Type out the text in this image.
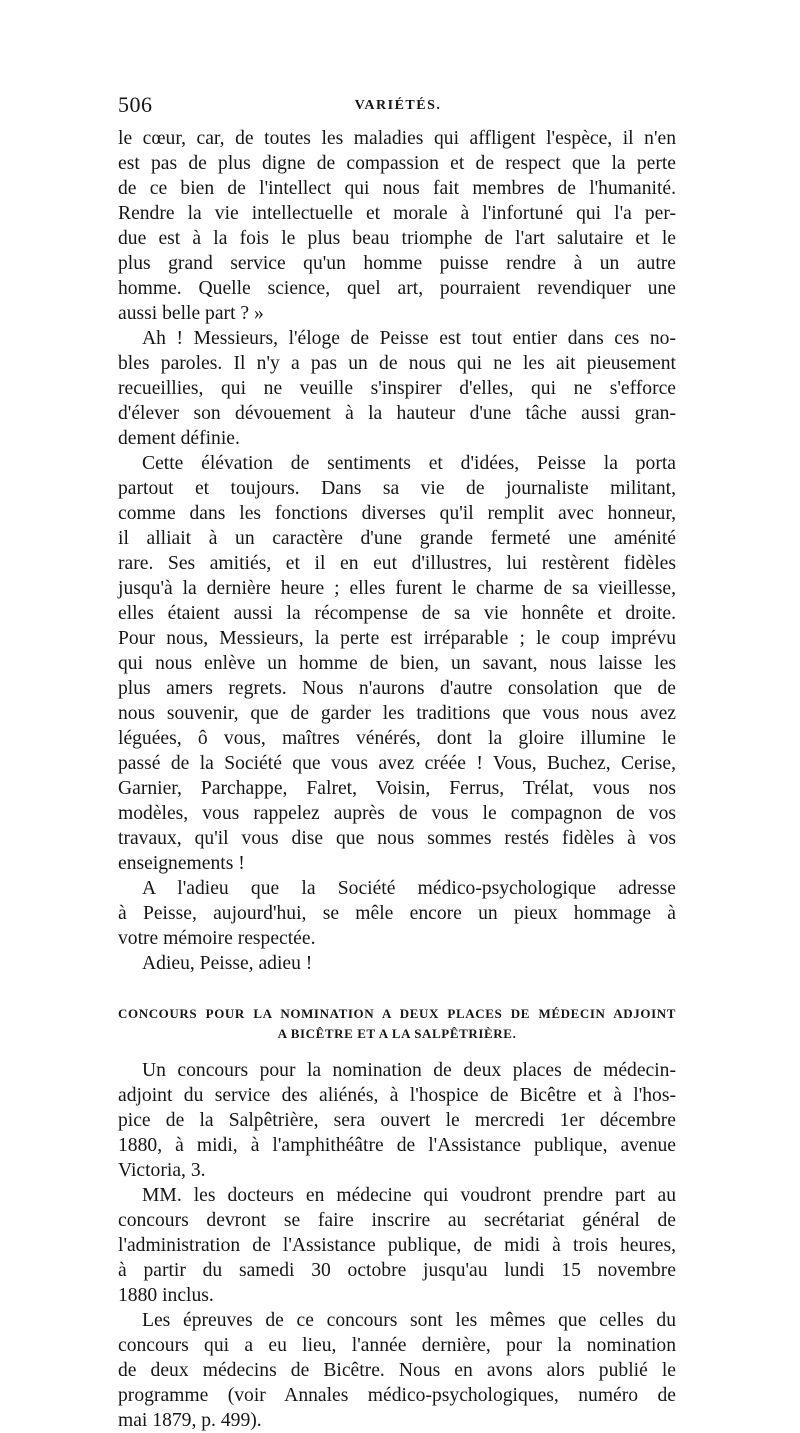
506	VARIÉTÉS.
le cœur, car, de toutes les maladies qui affligent l'espèce, il n'en
est pas de plus digne de compassion et de respect que la perte
de ce bien de l'intellect qui nous fait membres de l'humanité.
Rendre la vie intellectuelle et morale à l'infortuné qui l'a per-
due est à la fois le plus beau triomphe de l'art salutaire et le
plus grand service qu'un homme puisse rendre à un autre
homme. Quelle science, quel art, pourraient revendiquer une
aussi belle part ? »
Ah ! Messieurs, l'éloge de Peisse est tout entier dans ces no-
bles paroles. Il n'y a pas un de nous qui ne les ait pieusement
recueillies, qui ne veuille s'inspirer d'elles, qui ne s'efforce
d'élever son dévouement à la hauteur d'une tâche aussi gran-
dement définie.
Cette élévation de sentiments et d'idées, Peisse la porta
partout et toujours. Dans sa vie de journaliste militant,
comme dans les fonctions diverses qu'il remplit avec honneur,
il alliait à un caractère d'une grande fermeté une aménité
rare. Ses amitiés, et il en eut d'illustres, lui restèrent fidèles
jusqu'à la dernière heure ; elles furent le charme de sa vieillesse,
elles étaient aussi la récompense de sa vie honnête et droite.
Pour nous, Messieurs, la perte est irréparable ; le coup imprévu
qui nous enlève un homme de bien, un savant, nous laisse les
plus amers regrets. Nous n'aurons d'autre consolation que de
nous souvenir, que de garder les traditions que vous nous avez
léguées, ô vous, maîtres vénérés, dont la gloire illumine le
passé de la Société que vous avez créée ! Vous, Buchez, Cerise,
Garnier, Parchappe, Falret, Voisin, Ferrus, Trélat, vous nos
modèles, vous rappelez auprès de vous le compagnon de vos
travaux, qu'il vous dise que nous sommes restés fidèles à vos
enseignements !
A l'adieu que la Société médico-psychologique adresse
à Peisse, aujourd'hui, se mêle encore un pieux hommage à
votre mémoire respectée.
Adieu, Peisse, adieu !
CONCOURS POUR LA NOMINATION A DEUX PLACES DE MÉDECIN ADJOINT
A BICÊTRE ET A LA SALPÊTRIÈRE.
Un concours pour la nomination de deux places de médecin-
adjoint du service des aliénés, à l'hospice de Bicêtre et à l'hos-
pice de la Salpêtrière, sera ouvert le mercredi 1er décembre
1880, à midi, à l'amphithéâtre de l'Assistance publique, avenue
Victoria, 3.
MM. les docteurs en médecine qui voudront prendre part au
concours devront se faire inscrire au secrétariat général de
l'administration de l'Assistance publique, de midi à trois heures,
à partir du samedi 30 octobre jusqu'au lundi 15 novembre
1880 inclus.
Les épreuves de ce concours sont les mêmes que celles du
concours qui a eu lieu, l'année dernière, pour la nomination
de deux médecins de Bicêtre. Nous en avons alors publié le
programme (voir Annales médico-psychologiques, numéro de
mai 1879, p. 499).
